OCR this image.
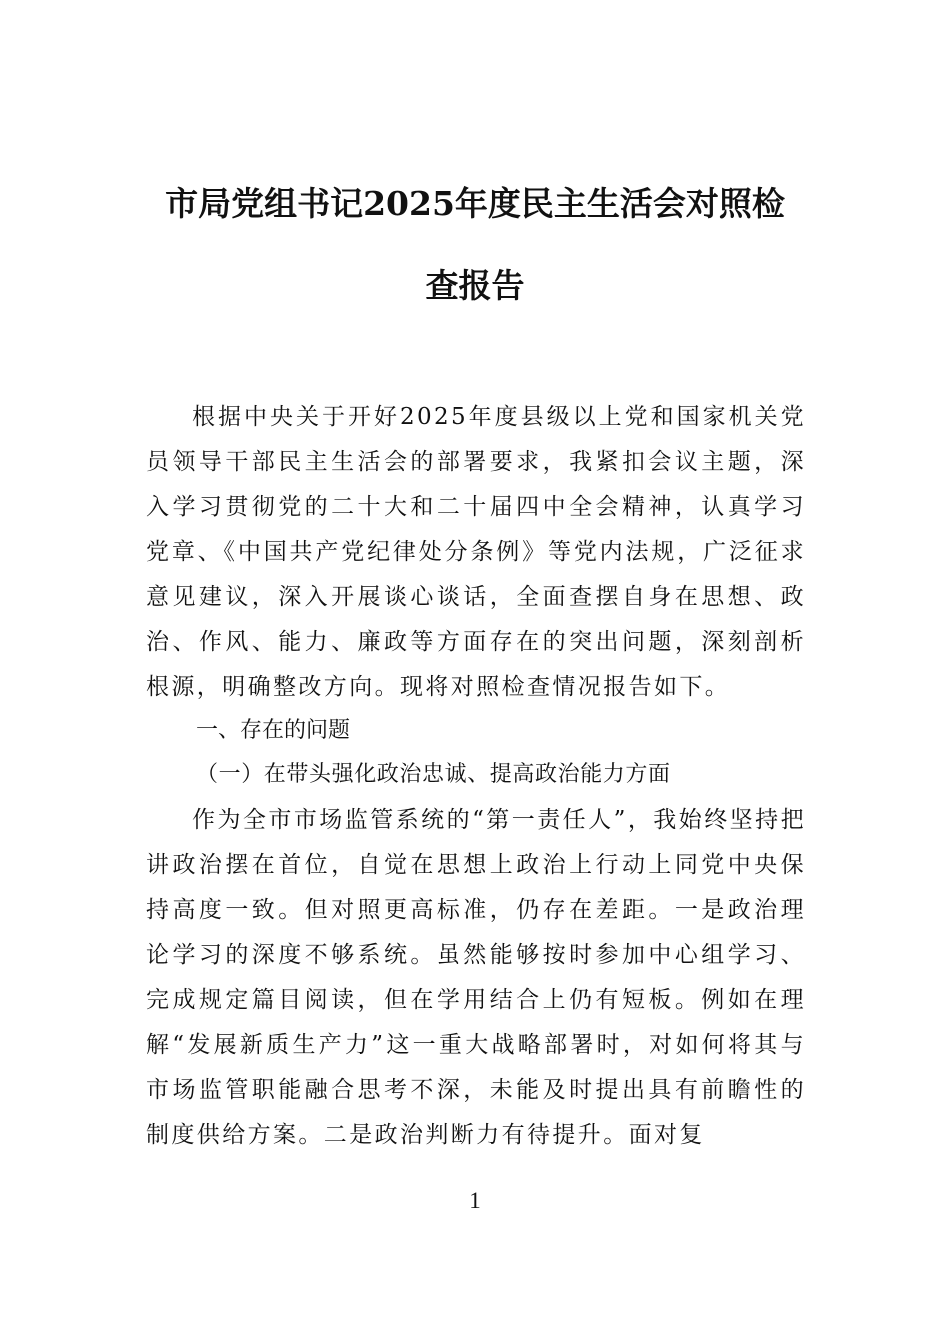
市局党组书记2025年度民主生活会对照检
查报告

根据中央关于开好2025年度县级以上党和国家机关党员领导干部民主生活会的部署要求，我紧扣会议主题，深入学习贯彻党的二十大和二十届四中全会精神，认真学习党章、《中国共产党纪律处分条例》等党内法规，广泛征求意见建议，深入开展谈心谈话，全面查摆自身在思想、政治、作风、能力、廉政等方面存在的突出问题，深刻剖析根源，明确整改方向。现将对照检查情况报告如下。

一、存在的问题

（一）在带头强化政治忠诚、提高政治能力方面

作为全市市场监管系统的“第一责任人”，我始终坚持把讲政治摆在首位，自觉在思想上政治上行动上同党中央保持高度一致。但对照更高标准，仍存在差距。一是政治理论学习的深度不够系统。虽然能够按时参加中心组学习、完成规定篇目阅读，但在学用结合上仍有短板。例如在理解“发展新质生产力”这一重大战略部署时，对如何将其与市场监管职能融合思考不深，未能及时提出具有前瞻性的制度供给方案。二是政治判断力有待提升。面对复

1
